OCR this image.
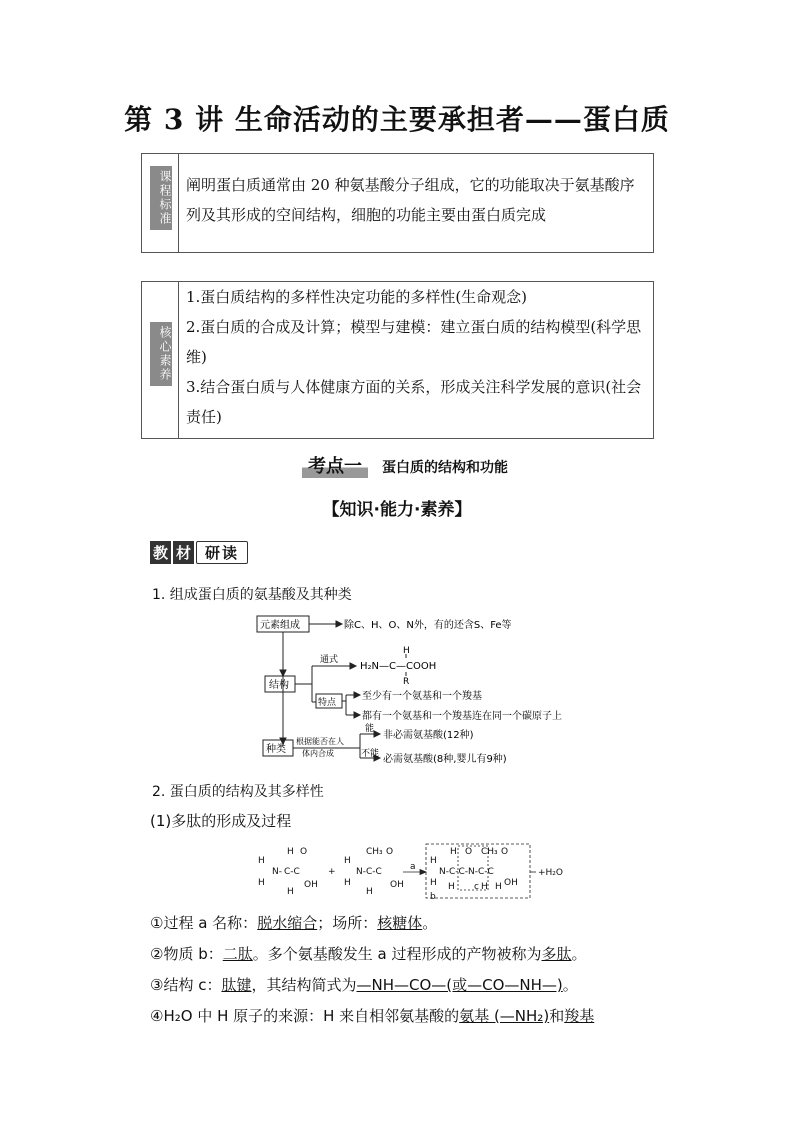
第 3 讲 生命活动的主要承担者——蛋白质
课程标准 阐明蛋白质通常由 20 种氨基酸分子组成，它的功能取决于氨基酸序列及其形成的空间结构，细胞的功能主要由蛋白质完成
核心素养
1.蛋白质结构的多样性决定功能的多样性(生命观念)
2.蛋白质的合成及计算；模型与建模：建立蛋白质的结构模型(科学思维)
3.结合蛋白质与人体健康方面的关系，形成关注科学发展的意识(社会责任)
考点一 蛋白质的结构和功能
【知识·能力·素养】
教 材 研 读
1. 组成蛋白质的氨基酸及其种类
元素组成	除C、H、O、N外，有的还含S、Fe等
结构
通式
H
H₂N—C—COOH
R
特点
至少有一个氨基和一个羧基
都有一个氨基和一个羧基连在同一个碳原子上
种类
根据能否在人
体内合成
能
不能
非必需氨基酸(12种)
必需氨基酸(8种,婴儿有9种)
2. 蛋白质的结构及其多样性
(1)多肽的形成及过程
H
H
N- C-C
H
H
O
OH
+
H
H
N-C-C
CH₃ O
H
OH
a
H
H
N-C-C-N-C-C
H O CH₃ O
H c H H OH
b
+H₂O
①过程 a 名称：脱水缩合；场所：核糖体。
②物质 b：二肽。多个氨基酸发生 a 过程形成的产物被称为多肽。
③结构 c：肽键，其结构简式为—NH—CO—(或—CO—NH—)。
④H₂O 中 H 原子的来源：H 来自相邻氨基酸的氨基 (—NH₂)和羧基
